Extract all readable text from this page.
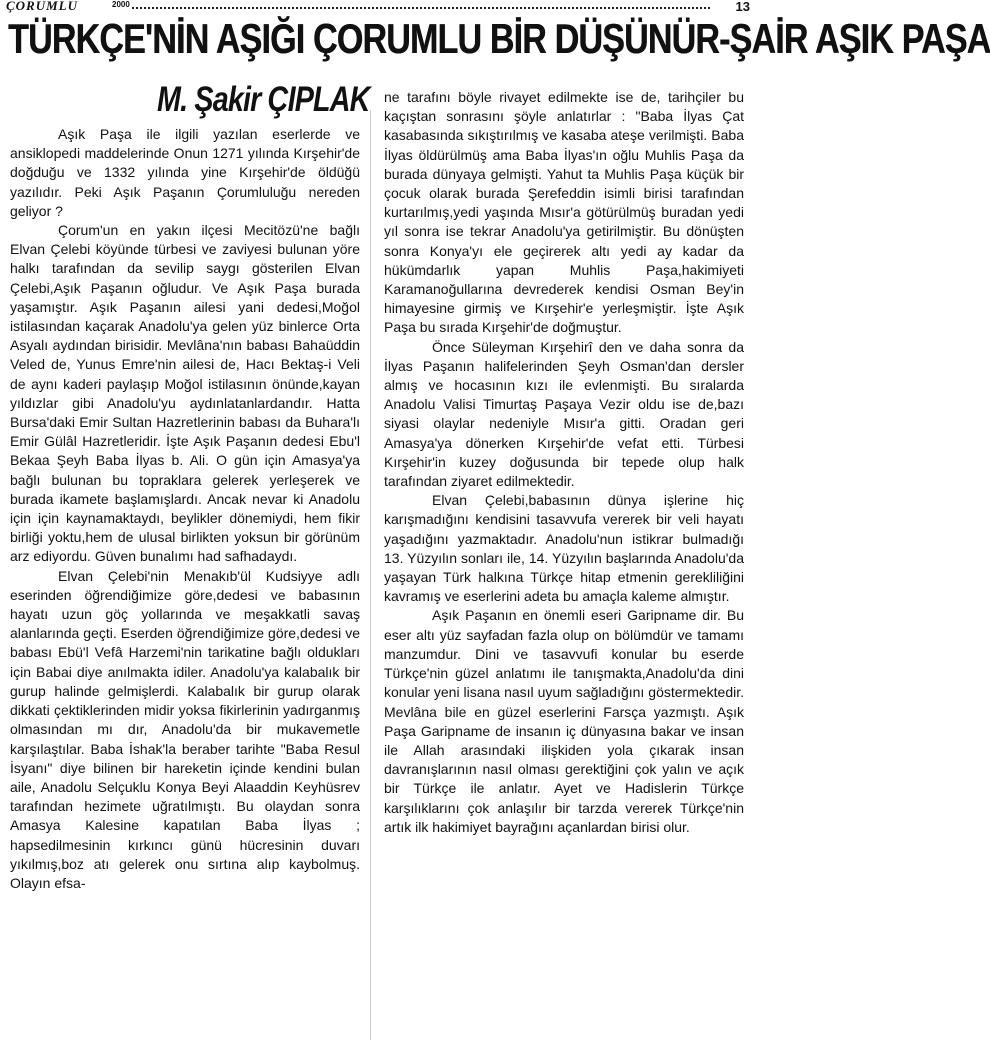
ÇORUMLU	2000	13
TÜRKÇE'NİN AŞIĞI ÇORUMLU BİR DÜŞÜNÜR-ŞAİR AŞIK PAŞA
M. Şakir ÇIPLAK

Aşık Paşa ile ilgili yazılan eserlerde ve ansiklopedi maddelerinde Onun 1271 yılında Kırşehir'de doğduğu ve 1332 yılında yine Kırşehir'de öldüğü yazılıdır. Peki Aşık Paşanın Çorumluluğu nereden geliyor ?

Çorum'un en yakın ilçesi Mecitözü'ne bağlı Elvan Çelebi köyünde türbesi ve zaviyesi bulunan yöre halkı tarafından da sevilip saygı gösterilen Elvan Çelebi,Aşık Paşanın oğludur. Ve Aşık Paşa burada yaşamıştır. Aşık Paşanın ailesi yani dedesi,Moğol istilasından kaçarak Anadolu'ya gelen yüz binlerce Orta Asyalı aydından birisidir. Mevlâna'nın babası Bahaüddin Veled de, Yunus Emre'nin ailesi de, Hacı Bektaş-i Veli de aynı kaderi paylaşıp Moğol istilasının önünde,kayan yıldızlar gibi Anadolu'yu aydınlatanlardandır. Hatta Bursa'daki Emir Sultan Hazretlerinin babası da Buhara'lı Emir Gülâl Hazretleridir. İşte Aşık Paşanın dedesi Ebu'l Bekaa Şeyh Baba İlyas b. Ali. O gün için Amasya'ya bağlı bulunan bu topraklara gelerek yerleşerek ve burada ikamete başlamışlardı. Ancak nevar ki Anadolu için için kaynamaktaydı, beylikler dönemiydi, hem fikir birliği yoktu,hem de ulusal birlikten yoksun bir görünüm arz ediyordu. Güven bunalımı had safhadaydı.

Elvan Çelebi'nin Menakıb'ül Kudsiyye adlı eserinden öğrendiğimize göre,dedesi ve babasının hayatı uzun göç yollarında ve meşakkatli savaş alanlarında geçti. Eserden öğrendiğimize göre,dedesi ve babası Ebü'l Vefâ Harzemi'nin tarikatine bağlı oldukları için Babai diye anılmakta idiler. Anadolu'ya kalabalık bir gurup halinde gelmişlerdi. Kalabalık bir gurup olarak dikkati çektiklerinden midir yoksa fikirlerinin yadırganmış olmasından mı dır, Anadolu'da bir mukavemetle karşılaştılar. Baba İshak'la beraber tarihte "Baba Resul İsyanı" diye bilinen bir hareketin içinde kendini bulan aile, Anadolu Selçuklu Konya Beyi Alaaddin Keyhüsrev tarafından hezimete uğratılmıştı. Bu olaydan sonra Amasya Kalesine kapatılan Baba İlyas ; hapsedilmesinin kırkıncı günü hücresinin duvarı yıkılmış,boz atı gelerek onu sırtına alıp kaybolmuş. Olayın efsa-

ne tarafını böyle rivayet edilmekte ise de, tarihçiler bu kaçıştan sonrasını şöyle anlatırlar : "Baba İlyas Çat kasabasında sıkıştırılmış ve kasaba ateşe verilmişti. Baba İlyas öldürülmüş ama Baba İlyas'ın oğlu Muhlis Paşa da burada dünyaya gelmişti. Yahut ta Muhlis Paşa küçük bir çocuk olarak burada Şerefeddin isimli birisi tarafından kurtarılmış,yedi yaşında Mısır'a götürülmüş buradan yedi yıl sonra ise tekrar Anadolu'ya getirilmiştir. Bu dönüşten sonra Konya'yı ele geçirerek altı yedi ay kadar da hükümdarlık yapan Muhlis Paşa,hakimiyeti Karamanoğullarına devrederek kendisi Osman Bey'in himayesine girmiş ve Kırşehir'e yerleşmiştir. İşte Aşık Paşa bu sırada Kırşehir'de doğmuştur.

Önce Süleyman Kırşehirî den ve daha sonra da İlyas Paşanın halifelerinden Şeyh Osman'dan dersler almış ve hocasının kızı ile evlenmişti. Bu sıralarda Anadolu Valisi Timurtaş Paşaya Vezir oldu ise de,bazı siyasi olaylar nedeniyle Mısır'a gitti. Oradan geri Amasya'ya dönerken Kırşehir'de vefat etti. Türbesi Kırşehir'in kuzey doğusunda bir tepede olup halk tarafından ziyaret edilmektedir.

Elvan Çelebi,babasının dünya işlerine hiç karışmadığını kendisini tasavvufa vererek bir veli hayatı yaşadığını yazmaktadır. Anadolu'nun istikrar bulmadığı 13. Yüzyılın sonları ile, 14. Yüzyılın başlarında Anadolu'da yaşayan Türk halkına Türkçe hitap etmenin gerekliliğini kavramış ve eserlerini adeta bu amaçla kaleme almıştır.

Aşık Paşanın en önemli eseri Garipname dir. Bu eser altı yüz sayfadan fazla olup on bölümdür ve tamamı manzumdur. Dini ve tasavvufi konular bu eserde Türkçe'nin güzel anlatımı ile tanışmakta,Anadolu'da dini konular yeni lisana nasıl uyum sağladığını göstermektedir. Mevlâna bile en güzel eserlerini Farsça yazmıştı. Aşık Paşa Garipname de insanın iç dünyasına bakar ve insan ile Allah arasındaki ilişkiden yola çıkarak insan davranışlarının nasıl olması gerektiğini çok yalın ve açık bir Türkçe ile anlatır. Ayet ve Hadislerin Türkçe karşılıklarını çok anlaşılır bir tarzda vererek Türkçe'nin artık ilk hakimiyet bayrağını açanlardan birisi olur.
